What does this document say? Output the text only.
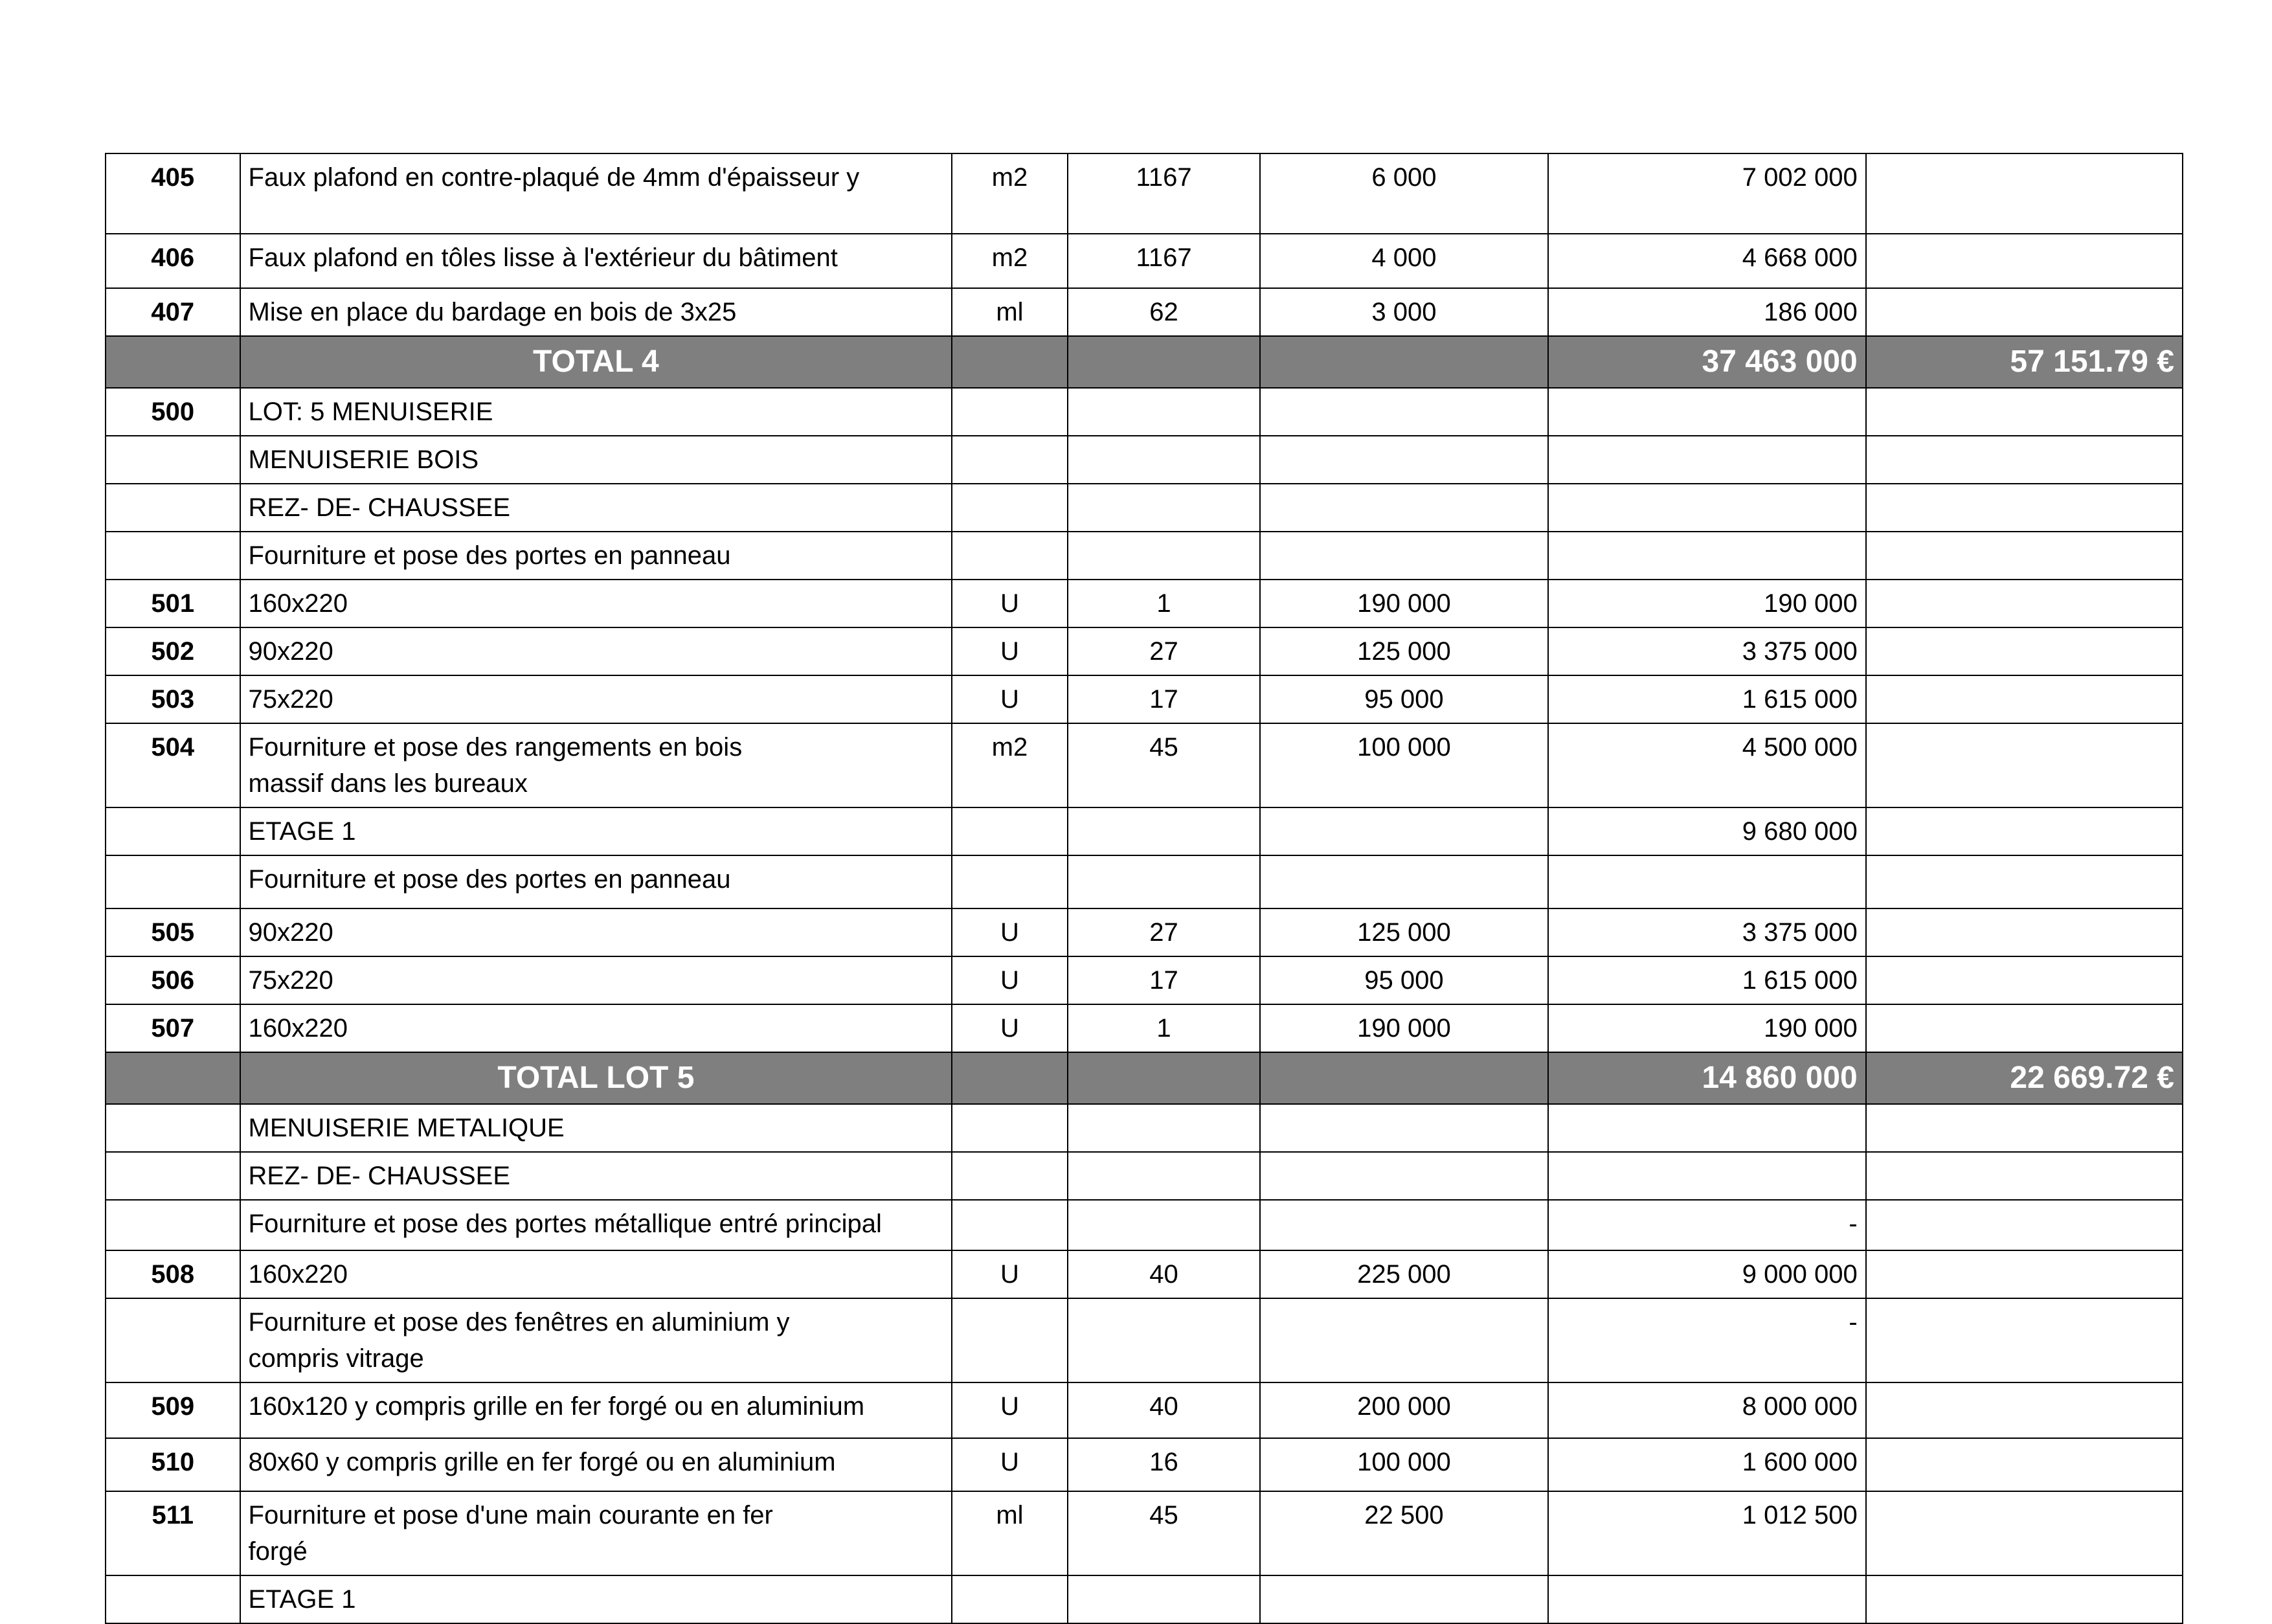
405	Faux plafond en contre-plaqué de 4mm d'épaisseur y	m2	1167	6 000	7 002 000	
406	Faux plafond en tôles lisse à l'extérieur du bâtiment	m2	1167	4 000	4 668 000	
407	Mise en place du bardage en bois de 3x25	ml	62	3 000	186 000	
	TOTAL 4				37 463 000	57 151.79 €
500	LOT: 5 MENUISERIE					
	MENUISERIE BOIS					
	REZ- DE- CHAUSSEE					
	Fourniture et pose des portes en panneau					
501	160x220	U	1	190 000	190 000	
502	90x220	U	27	125 000	3 375 000	
503	75x220	U	17	95 000	1 615 000	
504	Fourniture et pose des rangements en bois
massif dans les bureaux	m2	45	100 000	4 500 000	
	ETAGE 1				9 680 000	
	Fourniture et pose des portes en panneau					
505	90x220	U	27	125 000	3 375 000	
506	75x220	U	17	95 000	1 615 000	
507	160x220	U	1	190 000	190 000	
	TOTAL LOT 5				14 860 000	22 669.72 €
	MENUISERIE METALIQUE					
	REZ- DE- CHAUSSEE					
	Fourniture et pose des portes métallique entré principal				-	
508	160x220	U	40	225 000	9 000 000	
	Fourniture et pose des fenêtres en aluminium y
compris vitrage				-	
509	160x120 y compris grille en fer forgé ou en aluminium	U	40	200 000	8 000 000	
510	80x60 y compris grille en fer forgé ou en aluminium	U	16	100 000	1 600 000	
511	Fourniture et pose d'une main courante en fer
forgé	ml	45	22 500	1 012 500	
	ETAGE 1					
